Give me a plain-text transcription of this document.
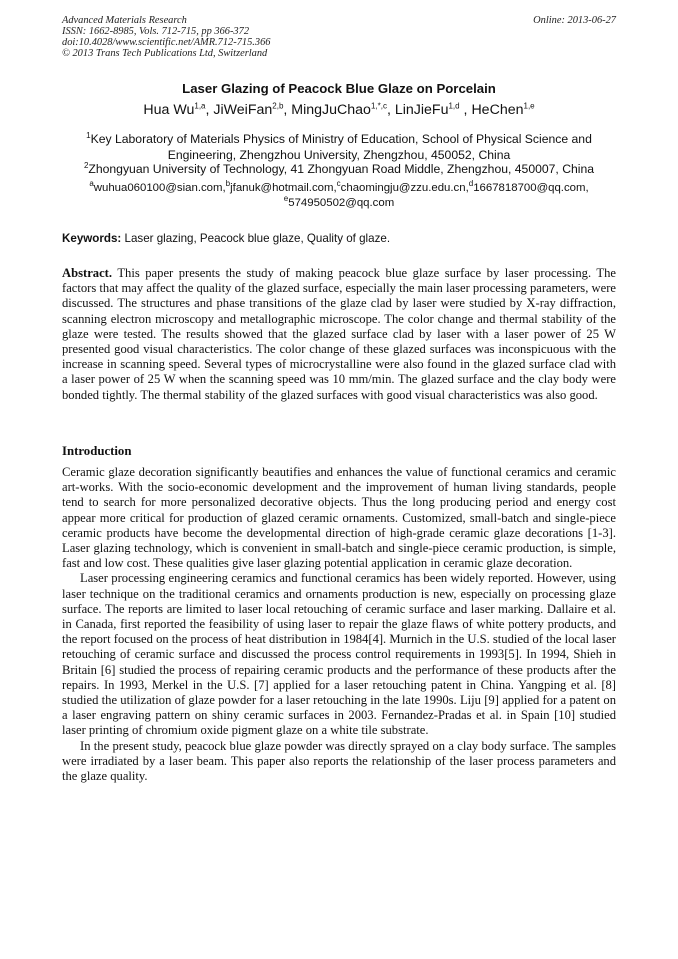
Advanced Materials Research
ISSN: 1662-8985, Vols. 712-715, pp 366-372
doi:10.4028/www.scientific.net/AMR.712-715.366
© 2013 Trans Tech Publications Ltd, Switzerland
Online: 2013-06-27
Laser Glazing of Peacock Blue Glaze on Porcelain
Hua Wu$^{1,a}$, JiWeiFan$^{2,b}$, MingJuChao$^{1,*,c}$, LinJieFu$^{1,d}$ , HeChen$^{1,e}$
$^1$Key Laboratory of Materials Physics of Ministry of Education, School of Physical Science and Engineering, Zhengzhou University, Zhengzhou, 450052, China
$^2$Zhongyuan University of Technology, 41 Zhongyuan Road Middle, Zhengzhou, 450007, China
$^a$wuhua060100@sian.com,$^b$jfanuk@hotmail.com,$^c$chaomingju@zzu.edu.cn,$^d$1667818700@qq.com,
$^e$574950502@qq.com
Keywords: Laser glazing, Peacock blue glaze, Quality of glaze.
Abstract. This paper presents the study of making peacock blue glaze surface by laser processing. The factors that may affect the quality of the glazed surface, especially the main laser processing parameters, were discussed. The structures and phase transitions of the glaze clad by laser were studied by X-ray diffraction, scanning electron microscopy and metallographic microscope. The color change and thermal stability of the glaze were tested. The results showed that the glazed surface clad by laser with a laser power of 25 W presented good visual characteristics. The color change of these glazed surfaces was inconspicuous with the increase in scanning speed. Several types of microcrystalline were also found in the glazed surface clad with a laser power of 25 W when the scanning speed was 10 mm/min. The glazed surface and the clay body were bonded tightly. The thermal stability of the glazed surfaces with good visual characteristics was also good.
Introduction

Ceramic glaze decoration significantly beautifies and enhances the value of functional ceramics and ceramic art-works. With the socio-economic development and the improvement of human living standards, people tend to search for more personalized decorative objects. Thus the long producing period and energy cost appear more critical for production of glazed ceramic ornaments. Customized, small-batch and single-piece ceramic products have become the developmental direction of high-grade ceramic glaze decorations [1-3]. Laser glazing technology, which is convenient in small-batch and single-piece ceramic production, is simple, fast and low cost. These qualities give laser glazing potential application in ceramic glaze decoration.

Laser processing engineering ceramics and functional ceramics has been widely reported. However, using laser technique on the traditional ceramics and ornaments production is new, especially on processing glaze surface. The reports are limited to laser local retouching of ceramic surface and laser marking. Dallaire et al. in Canada, first reported the feasibility of using laser to repair the glaze flaws of white pottery products, and the report focused on the process of heat distribution in 1984[4]. Murnich in the U.S. studied of the local laser retouching of ceramic surface and discussed the process control requirements in 1993[5]. In 1994, Shieh in Britain [6] studied the process of repairing ceramic products and the performance of these products after the repairs. In 1993, Merkel in the U.S. [7] applied for a laser retouching patent in China. Yangping et al. [8] studied the utilization of glaze powder for a laser retouching in the late 1990s. Liju [9] applied for a patent on a laser engraving pattern on shiny ceramic surfaces in 2003. Fernandez-Pradas et al. in Spain [10] studied laser printing of chromium oxide pigment glaze on a white tile substrate.

In the present study, peacock blue glaze powder was directly sprayed on a clay body surface. The samples were irradiated by a laser beam. This paper also reports the relationship of the laser process parameters and the glaze quality.
